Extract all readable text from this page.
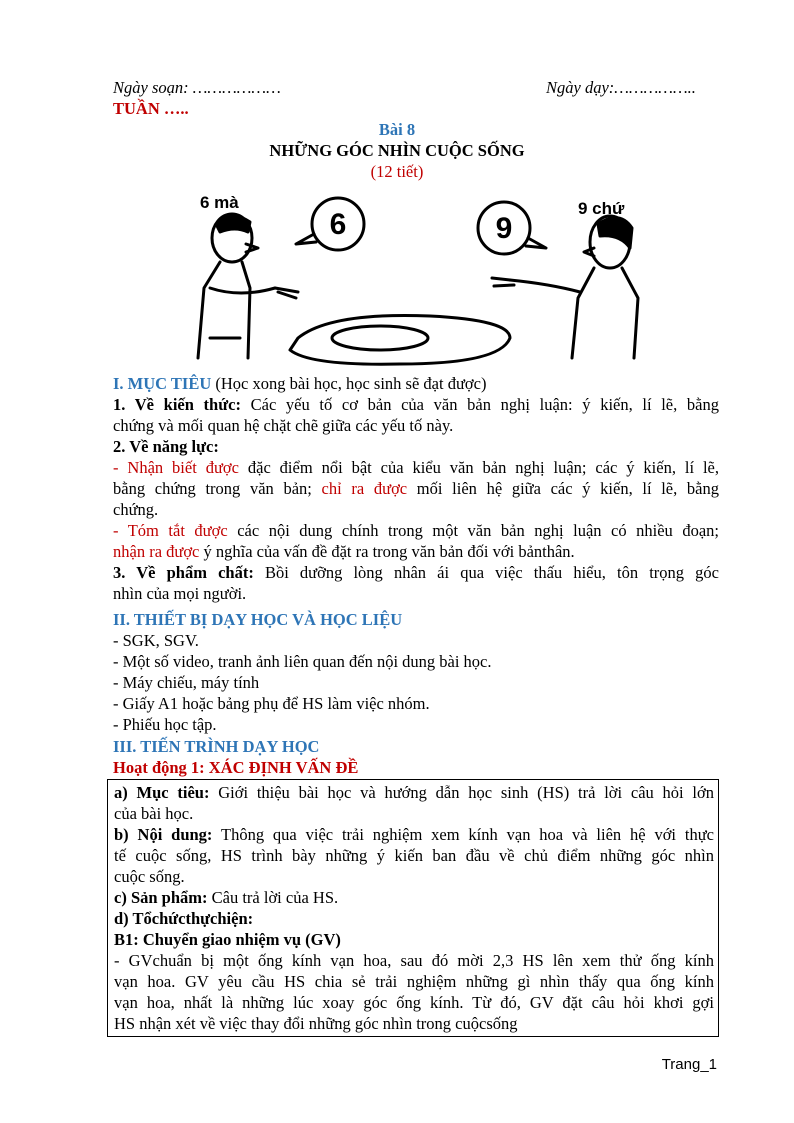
Ngày soạn: ………………	Ngày dạy:……………..
TUẦN …..
Bài 8
NHỮNG GÓC NHÌN CUỘC SỐNG
(12 tiết)
6	9
6 mà	9 chứ
I. MỤC TIÊU (Học xong bài học, học sinh sẽ đạt được)
1. Về kiến thức: Các yếu tố cơ bản của văn bản nghị luận: ý kiến, lí lẽ, bằng
chứng và mối quan hệ chặt chẽ giữa các yếu tố này.
2. Về năng lực:
- Nhận biết được đặc điểm nổi bật của kiểu văn bản nghị luận; các ý kiến, lí lẽ,
bằng chứng trong văn bản; chỉ ra được mối liên hệ giữa các ý kiến, lí lẽ, bằng
chứng.
- Tóm tắt được các nội dung chính trong một văn bản nghị luận có nhiều đoạn;
nhận ra được ý nghĩa của vấn đề đặt ra trong văn bản đối với bảnthân.
3. Về phẩm chất: Bồi dưỡng lòng nhân ái qua việc thấu hiểu, tôn trọng góc
nhìn của mọi người.
II. THIẾT BỊ DẠY HỌC VÀ HỌC LIỆU
- SGK, SGV.
- Một số video, tranh ảnh liên quan đến nội dung bài học.
- Máy chiếu, máy tính
- Giấy A1 hoặc bảng phụ để HS làm việc nhóm.
- Phiếu học tập.
III. TIẾN TRÌNH DẠY HỌC
Hoạt động 1: XÁC ĐỊNH VẤN ĐỀ
a) Mục tiêu: Giới thiệu bài học và hướng dẫn học sinh (HS) trả lời câu hỏi lớn
của bài học.
b) Nội dung: Thông qua việc trải nghiệm xem kính vạn hoa và liên hệ với thực
tế cuộc sống, HS trình bày những ý kiến ban đầu về chủ điểm những góc nhìn
cuộc sống.
c) Sản phẩm: Câu trả lời của HS.
d) Tổchứcthựchiện:
B1: Chuyển giao nhiệm vụ (GV)
- GVchuẩn bị một ống kính vạn hoa, sau đó mời 2,3 HS lên xem thử ống kính
vạn hoa. GV yêu cầu HS chia sẻ trải nghiệm những gì nhìn thấy qua ống kính
vạn hoa, nhất là những lúc xoay góc ống kính. Từ đó, GV đặt câu hỏi khơi gợi
HS nhận xét về việc thay đổi những góc nhìn trong cuộcsống
Trang_1
